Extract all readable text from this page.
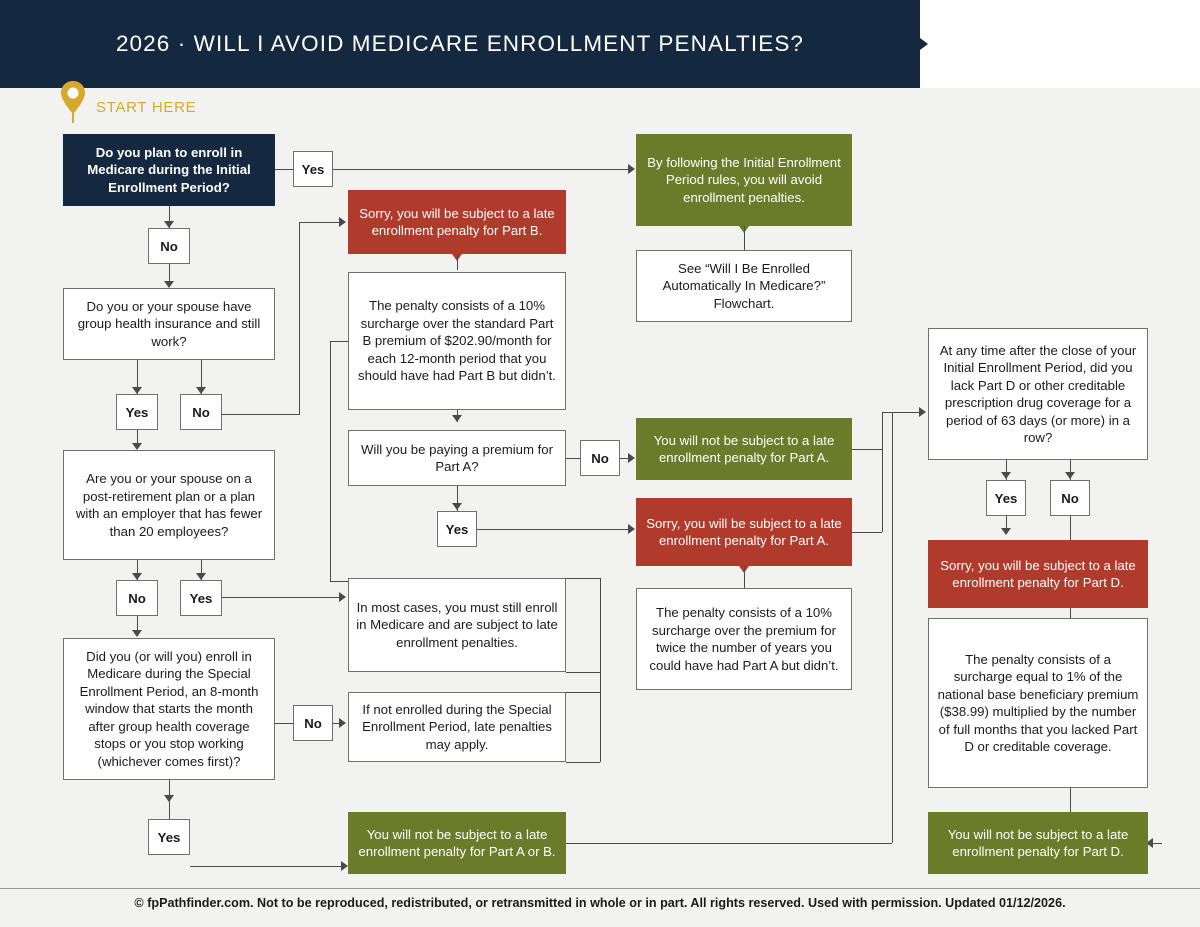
2026 · WILL I AVOID MEDICARE ENROLLMENT PENALTIES?
START HERE
Do you plan to enroll in Medicare during the Initial Enrollment Period?
No
Do you or your spouse have group health insurance and still work?
Yes	No
Are you or your spouse on a post-retirement plan or a plan with an employer that has fewer than 20 employees?
No	Yes
Did you (or will you) enroll in Medicare during the Special Enrollment Period, an 8-month window that starts the month after group health coverage stops or you stop working (whichever comes first)?
No
Yes
Yes
Sorry, you will be subject to a late enrollment penalty for Part B.
The penalty consists of a 10% surcharge over the standard Part B premium of $202.90/month for each 12-month period that you should have had Part B but didn’t.
Will you be paying a premium for Part A?
No
Yes
In most cases, you must still enroll in Medicare and are subject to late enrollment penalties.
If not enrolled during the Special Enrollment Period, late penalties may apply.
You will not be subject to a late enrollment penalty for Part A or B.
By following the Initial Enrollment Period rules, you will avoid enrollment penalties.
See “Will I Be Enrolled Automatically In Medicare?” Flowchart.
You will not be subject to a late enrollment penalty for Part A.
Sorry, you will be subject to a late enrollment penalty for Part A.
The penalty consists of a 10% surcharge over the premium for twice the number of years you could have had Part A but didn’t.
At any time after the close of your Initial Enrollment Period, did you lack Part D or other creditable prescription drug coverage for a period of 63 days (or more) in a row?
Yes	No
Sorry, you will be subject to a late enrollment penalty for Part D.
The penalty consists of a surcharge equal to 1% of the national base beneficiary premium ($38.99) multiplied by the number of full months that you lacked Part D or creditable coverage.
You will not be subject to a late enrollment penalty for Part D.
© fpPathfinder.com. Not to be reproduced, redistributed, or retransmitted in whole or in part. All rights reserved. Used with permission. Updated 01/12/2026.
